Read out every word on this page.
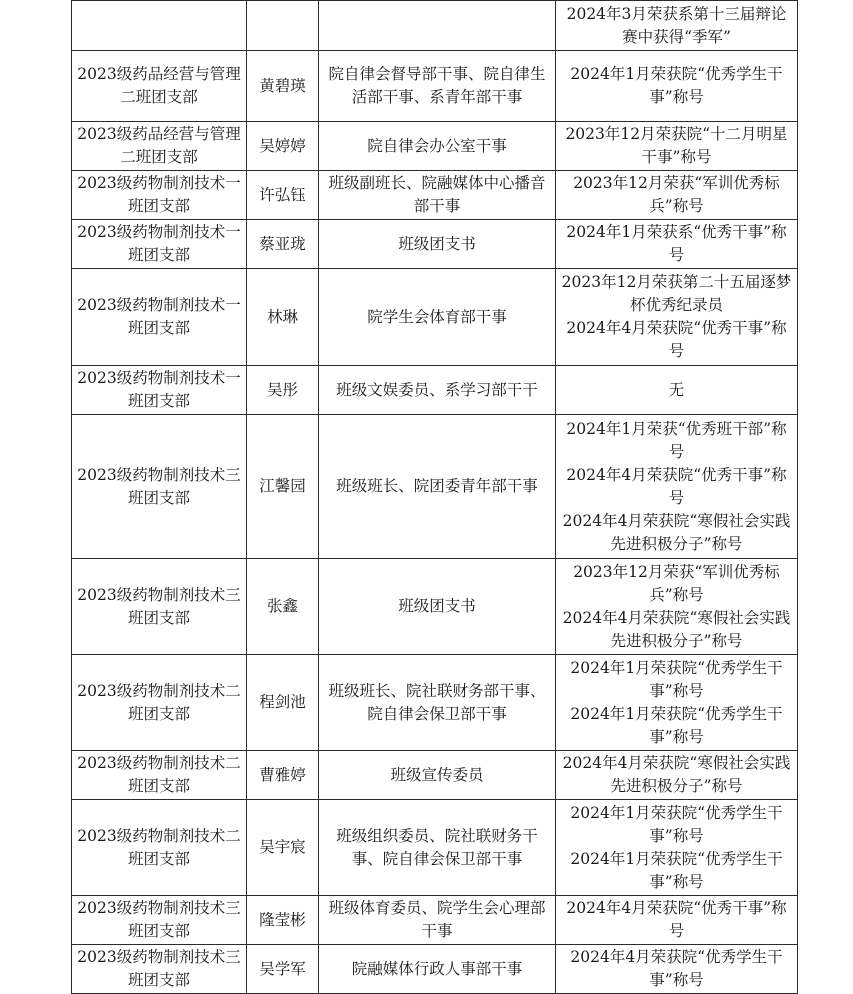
			2024年3月荣获系第十三届辩论赛中获得“季军”

2023级药品经营与管理二班团支部	黄碧瑛	院自律会督导部干事、院自律生活部干事、系青年部干事	2024年1月荣获院“优秀学生干事”称号

2023级药品经营与管理二班团支部	吴婷婷	院自律会办公室干事	2023年12月荣获院“十二月明星干事”称号

2023级药物制剂技术一班团支部	许弘钰	班级副班长、院融媒体中心播音部干事	2023年12月荣获“军训优秀标兵”称号

2023级药物制剂技术一班团支部	蔡亚珑	班级团支书	2024年1月荣获系“优秀干事”称号

2023级药物制剂技术一班团支部	林琳	院学生会体育部干事	2023年12月荣获第二十五届逐梦杯优秀纪录员
2024年4月荣获院“优秀干事”称号

2023级药物制剂技术一班团支部	吴彤	班级文娱委员、系学习部干干	无

2023级药物制剂技术三班团支部	江馨园	班级班长、院团委青年部干事	2024年1月荣获“优秀班干部”称号
2024年4月荣获院“优秀干事”称号
2024年4月荣获院“寒假社会实践先进积极分子”称号

2023级药物制剂技术三班团支部	张鑫	班级团支书	2023年12月荣获“军训优秀标兵”称号
2024年4月荣获院“寒假社会实践先进积极分子”称号

2023级药物制剂技术二班团支部	程剑池	班级班长、院社联财务部干事、院自律会保卫部干事	2024年1月荣获院“优秀学生干事”称号
2024年1月荣获院“优秀学生干事”称号

2023级药物制剂技术二班团支部	曹雅婷	班级宣传委员	2024年4月荣获院“寒假社会实践先进积极分子”称号

2023级药物制剂技术二班团支部	吴宇宸	班级组织委员、院社联财务干事、院自律会保卫部干事	2024年1月荣获院“优秀学生干事”称号
2024年1月荣获院“优秀学生干事”称号

2023级药物制剂技术三班团支部	隆莹彬	班级体育委员、院学生会心理部干事	2024年4月荣获院“优秀干事”称号

2023级药物制剂技术三班团支部	吴学军	院融媒体行政人事部干事	2024年4月荣获院“优秀学生干事”称号
